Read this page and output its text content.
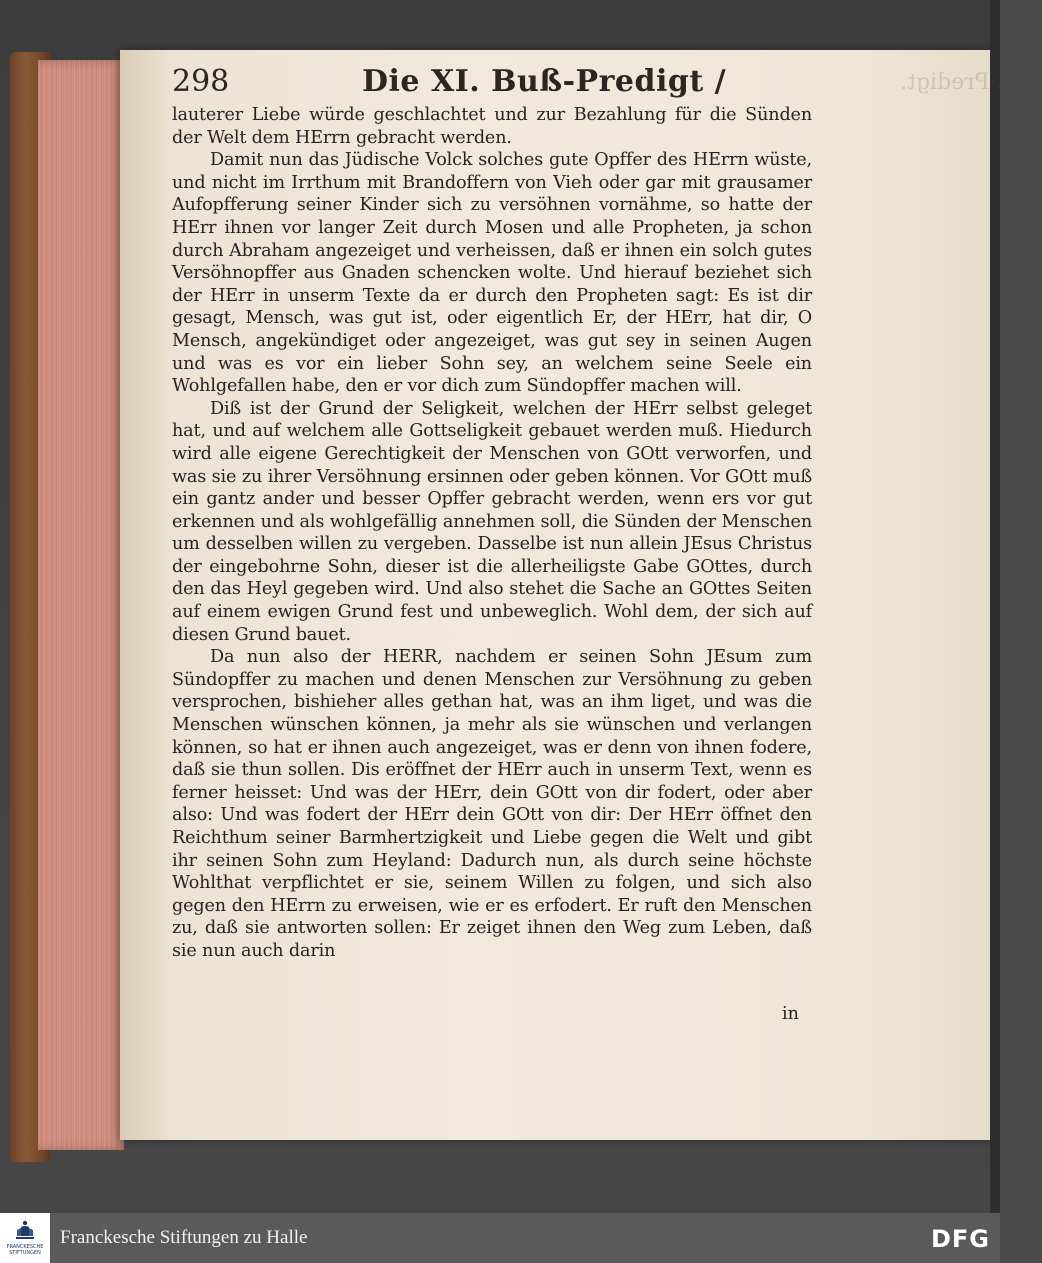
298	Die XI. Buß-Predigt /	Buß-Predigt.

lauterer Liebe würde geschlachtet und zur Bezahlung für die Sünden der Welt dem HErrn gebracht werden.

Damit nun das Jüdische Volck solches gute Opffer des HErrn wüste, und nicht im Irrthum mit Brandoffern von Vieh oder gar mit grausamer Aufopfferung seiner Kinder sich zu versöhnen vornähme, so hatte der HErr ihnen vor langer Zeit durch Mosen und alle Propheten, ja schon durch Abraham angezeiget und verheissen, daß er ihnen ein solch gutes Versöhnopffer aus Gnaden schencken wolte. Und hierauf beziehet sich der HErr in unserm Texte da er durch den Propheten sagt: Es ist dir gesagt, Mensch, was gut ist, oder eigentlich Er, der HErr, hat dir, O Mensch, angekündiget oder angezeiget, was gut sey in seinen Augen und was es vor ein lieber Sohn sey, an welchem seine Seele ein Wohlgefallen habe, den er vor dich zum Sündopffer machen will.

Diß ist der Grund der Seligkeit, welchen der HErr selbst geleget hat, und auf welchem alle Gottseligkeit gebauet werden muß. Hiedurch wird alle eigene Gerechtigkeit der Menschen von GOtt verworfen, und was sie zu ihrer Versöhnung ersinnen oder geben können. Vor GOtt muß ein gantz ander und besser Opffer gebracht werden, wenn ers vor gut erkennen und als wohlgefällig annehmen soll, die Sünden der Menschen um desselben willen zu vergeben. Dasselbe ist nun allein JEsus Christus der eingebohrne Sohn, dieser ist die allerheiligste Gabe GOttes, durch den das Heyl gegeben wird. Und also stehet die Sache an GOttes Seiten auf einem ewigen Grund fest und unbeweglich. Wohl dem, der sich auf diesen Grund bauet.

Da nun also der HERR, nachdem er seinen Sohn JEsum zum Sündopffer zu machen und denen Menschen zur Versöhnung zu geben versprochen, bishieher alles gethan hat, was an ihm liget, und was die Menschen wünschen können, ja mehr als sie wünschen und verlangen können, so hat er ihnen auch angezeiget, was er denn von ihnen fodere, daß sie thun sollen. Dis eröffnet der HErr auch in unserm Text, wenn es ferner heisset: Und was der HErr, dein GOtt von dir fodert, oder aber also: Und was fodert der HErr dein GOtt von dir: Der HErr öffnet den Reichthum seiner Barmhertzigkeit und Liebe gegen die Welt und gibt ihr seinen Sohn zum Heyland: Dadurch nun, als durch seine höchste Wohlthat verpflichtet er sie, seinem Willen zu folgen, und sich also gegen den HErrn zu erweisen, wie er es erfodert. Er ruft den Menschen zu, daß sie antworten sollen: Er zeiget ihnen den Weg zum Leben, daß sie nun auch darin

in
FRANCKESCHE
STIFTUNGEN
Franckesche Stiftungen zu Halle	DFG
